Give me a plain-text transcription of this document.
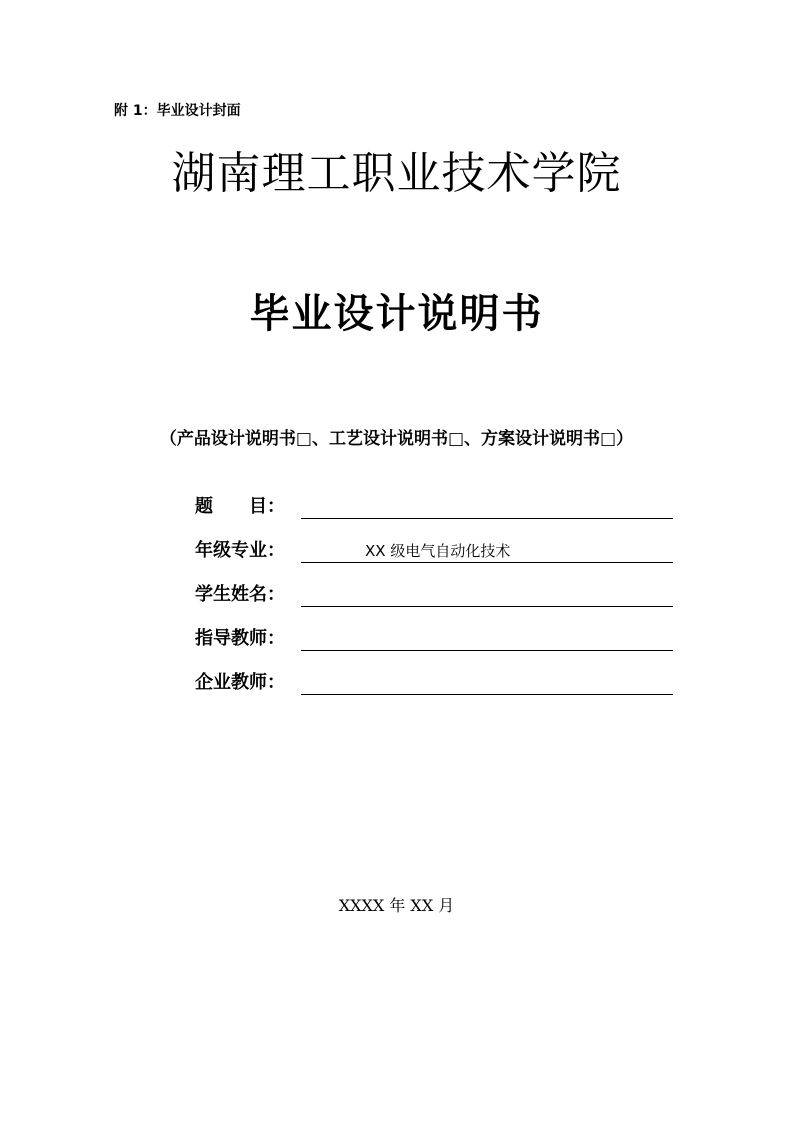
附 1：毕业设计封面
湖南理工职业技术学院
毕业设计说明书
（产品设计说明书□、工艺设计说明书□、方案设计说明书□）
题　　目：
年级专业：	XX 级电气自动化技术
学生姓名：
指导教师：
企业教师：
XXXX 年 XX 月
